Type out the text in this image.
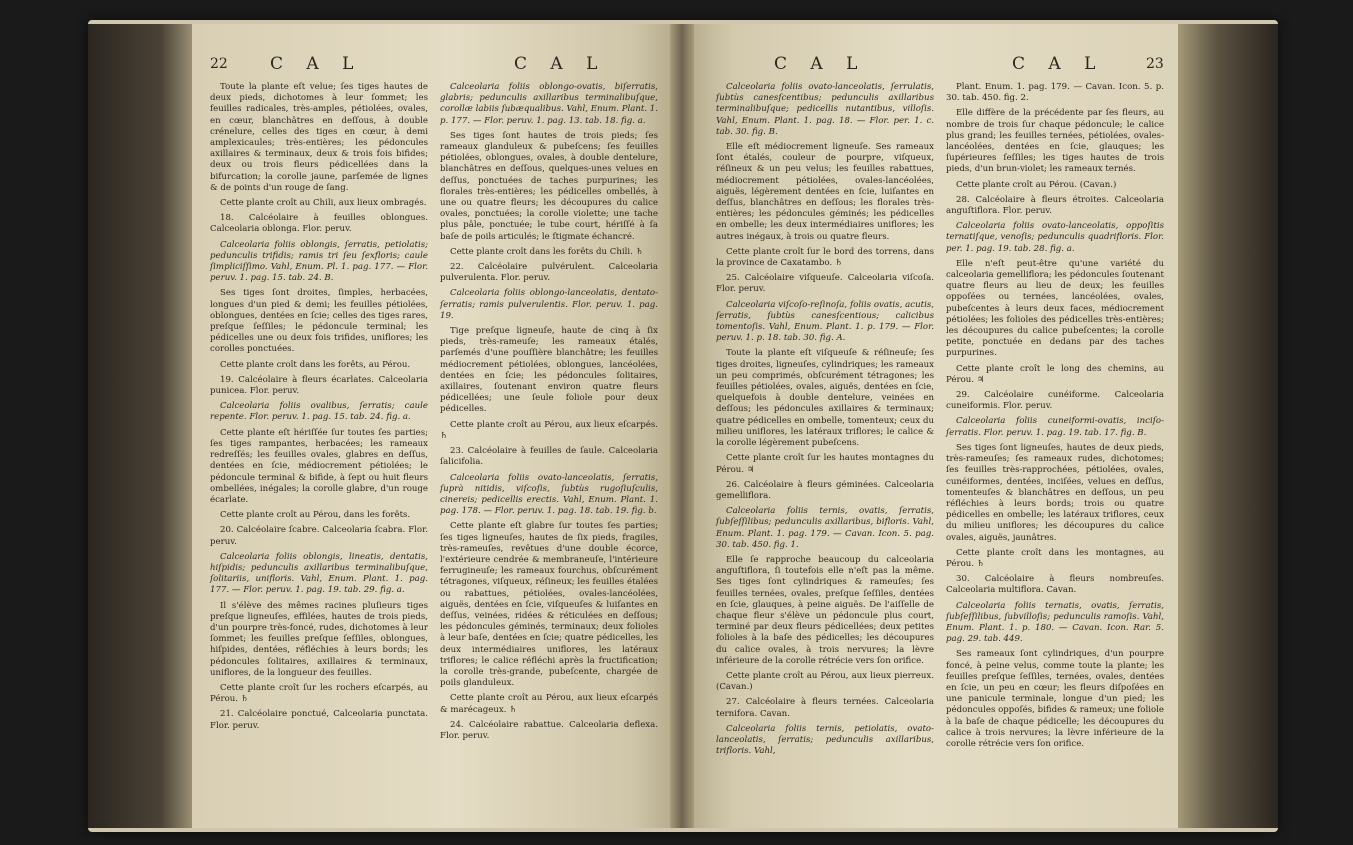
22 C A L	C A L

Toute la plante eſt velue; ſes tiges hautes de deux pieds, dichotomes à leur ſommet; les feuilles radicales, très-amples, pétiolées, ovales, en cœur, blanchâtres en deſſous, à double crénelure, celles des tiges en cœur, à demi amplexicaules; très-entières; les pédoncules axillaires & terminaux, deux & trois fois bifides; deux ou trois fleurs pédicellées dans la bifurcation; la corolle jaune, parſemée de lignes & de points d'un rouge de ſang.

Cette plante croît au Chili, aux lieux ombragés.

18. Calcéolaire à feuilles oblongues. Calceolaria oblonga. Flor. peruv.

Calceolaria foliis oblongis, ſerratis, petiolatis; pedunculis trifidis; ramis tri ſeu ſexfloris; caule ſimpliciſſimo. Vahl, Enum. Pl. 1. pag. 177. — Flor. peruv. 1. pag. 15. tab. 24. B.

Ses tiges ſont droites, ſimples, herbacées, longues d'un pied & demi; les feuilles pétiolées, oblongues, dentées en ſcie; celles des tiges rares, preſque ſeſſiles; le pédoncule terminal; les pédicelles une ou deux fois trifides, uniflores; les corolles ponctuées.

Cette plante croît dans les forêts, au Pérou.

19. Calcéolaire à fleurs écarlates. Calceolaria punicea. Flor. peruv.

Calceolaria foliis ovalibus, ſerratis; caule repente. Flor. peruv. 1. pag. 15. tab. 24. fig. a.

Cette plante eſt hériſſée ſur toutes ſes parties; ſes tiges rampantes, herbacées; les rameaux redreſſés; les feuilles ovales, glabres en deſſus, dentées en ſcie, médiocrement pétiolées; le pédoncule terminal & bifide, à ſept ou huit fleurs ombellées, inégales; la corolle glabre, d'un rouge écarlate.

Cette plante croît au Pérou, dans les forêts.

20. Calcéolaire ſcabre. Calceolaria ſcabra. Flor. peruv.

Calceolaria foliis oblongis, lineatis, dentatis, hiſpidis; pedunculis axillaribus terminalibuſque, ſolitariis, unifloris. Vahl, Enum. Plant. 1. pag. 177. — Flor. peruv. 1. pag. 19. tab. 29. fig. a.

Il s'élève des mêmes racines pluſieurs tiges preſque ligneuſes, effilées, hautes de trois pieds, d'un pourpre très-foncé, rudes, dichotomes à leur ſommet; les feuilles preſque ſeſſiles, oblongues, hiſpides, dentées, réfléchies à leurs bords; les pédoncules ſolitaires, axillaires & terminaux, uniflores, de la longueur des feuilles.

Cette plante croît ſur les rochers eſcarpés, au Pérou. ♄

21. Calcéolaire ponctué, Calceolaria punctata. Flor. peruv.

Calceolaria foliis oblongo-ovatis, biſerratis, glabris; pedunculis axillaribus terminalibuſque, corollæ labiis ſubæqualibus. Vahl, Enum. Plant. 1. p. 177. — Flor. peruv. 1. pag. 13. tab. 18. fig. a.

Ses tiges ſont hautes de trois pieds; ſes rameaux glanduleux & pubeſcens; ſes feuilles pétiolées, oblongues, ovales, à double dentelure, blanchâtres en deſſous, quelques-unes velues en deſſus, ponctuées de taches purpurines; les florales très-entières; les pédicelles ombellés, à une ou quatre fleurs; les découpures du calice ovales, ponctuées; la corolle violette; une tache plus pâle, ponctuée; le tube court, hériſſé à ſa baſe de poils articulés; le ſtigmate échancré.

Cette plante croît dans les forêts du Chili. ♄

22. Calcéolaire pulvérulent. Calceolaria pulverulenta. Flor. peruv.

Calceolaria foliis oblongo-lanceolatis, dentato-ſerratis; ramis pulverulentis. Flor. peruv. 1. pag. 19.

Tige preſque ligneuſe, haute de cinq à ſix pieds, très-rameuſe; les rameaux étalés, parſemés d'une pouſſière blanchâtre; les feuilles médiocrement pétiolées, oblongues, lancéolées, dentées en ſcie; les pédoncules ſolitaires, axillaires, ſoutenant environ quatre fleurs pédicellées; une ſeule foliole pour deux pédicelles.

Cette plante croît au Pérou, aux lieux eſcarpés. ♄

23. Calcéolaire à feuilles de ſaule. Calceolaria ſalicifolia.

Calceolaria foliis ovato-lanceolatis, ſerratis, ſuprà nitidis, viſcoſis, ſubtùs rugoſiuſculis, cinereis; pedicellis erectis. Vahl, Enum. Plant. 1. pag. 178. — Flor. peruv. 1. pag. 18. tab. 19. fig. b.

Cette plante eſt glabre ſur toutes ſes parties; ſes tiges ligneuſes, hautes de ſix pieds, fragiles, très-rameuſes, revêtues d'une double écorce, l'extérieure cendrée & membraneuſe, l'intérieure ferrugineuſe; les rameaux fourchus, obſcurément tétragones, viſqueux, réſineux; les feuilles étalées ou rabattues, pétiolées, ovales-lancéolées, aiguës, dentées en ſcie, viſqueuſes & luiſantes en deſſus, veinées, ridées & réticulées en deſſous; les pédoncules géminés, terminaux; deux folioles à leur baſe, dentées en ſcie; quatre pédicelles, les deux intermédiaires uniflores, les latéraux triflores; le calice réfléchi après la fructification; la corolle très-grande, pubeſcente, chargée de poils glanduleux.

Cette plante croît au Pérou, aux lieux eſcarpés & marécageux. ♄

24. Calcéolaire rabattue. Calceolaria deflexa. Flor. peruv.

C A L	C A L	23

Calceolaria foliis ovato-lanceolatis, ſerrulatis, ſubtùs canesſcentibus; pedunculis axillaribus terminalibuſque; pedicellis nutantibus, villoſis. Vahl, Enum. Plant. 1. pag. 18. — Flor. per. 1. c. tab. 30. fig. B.

Elle eſt médiocrement ligneuſe. Ses rameaux ſont étalés, couleur de pourpre, viſqueux, réſineux & un peu velus; les feuilles rabattues, médiocrement pétiolées, ovales-lancéolées, aiguës, légèrement dentées en ſcie, luiſantes en deſſus, blanchâtres en deſſous; les florales très-entières; les pédoncules géminés; les pédicelles en ombelle; les deux intermédiaires uniflores; les autres inégaux, à trois ou quatre fleurs.

Cette plante croît ſur le bord des torrens, dans la province de Caxatambo. ♄

25. Calcéolaire viſqueuſe. Calceolaria viſcoſa. Flor. peruv.

Calceolaria viſcoſo-reſinoſa, foliis ovatis, acutis, ſerratis, ſubtùs canesſcentious; calicibus tomentoſis. Vahl, Enum. Plant. 1. p. 179. — Flor. peruv. 1. p. 18. tab. 30. fig. A.

Toute la plante eſt viſqueuſe & réſineuſe; ſes tiges droites, ligneuſes, cylindriques; les rameaux un peu comprimés, obſcurément tétragones; les feuilles pétiolées, ovales, aiguës, dentées en ſcie, quelquefois à double dentelure, veinées en deſſous; les pédoncules axillaires & terminaux; quatre pédicelles en ombelle, tomenteux; ceux du milieu uniflores, les latéraux triflores; le calice & la corolle légèrement pubeſcens.

Cette plante croît ſur les hautes montagnes du Pérou. ♃

26. Calcéolaire à fleurs géminées. Calceolaria gemelliflora.

Calceolaria foliis ternis, ovatis, ſerratis, ſubſeſſilibus; pedunculis axillaribus, bifloris. Vahl, Enum. Plant. 1. pag. 179. — Cavan. Icon. 5. pag. 30. tab. 450. fig. 1.

Elle ſe rapproche beaucoup du calceolaria anguſtiflora, ſi toutefois elle n'eſt pas la même. Ses tiges ſont cylindriques & rameuſes; ſes feuilles ternées, ovales, preſque ſeſſiles, dentées en ſcie, glauques, à peine aiguës. De l'aiſſelle de chaque fleur s'élève un pédoncule plus court, terminé par deux fleurs pédicellées; deux petites folioles à la baſe des pédicelles; les découpures du calice ovales, à trois nervures; la lèvre inférieure de la corolle rétrécie vers ſon orifice.

Cette plante croît au Pérou, aux lieux pierreux. (Cavan.)

27. Calcéolaire à fleurs ternées. Calceolaria ternifora. Cavan.

Calceolaria foliis ternis, petiolatis, ovato-lanceolatis, ſerratis; pedunculis axillaribus, trifloris. Vahl,

Plant. Enum. 1. pag. 179. — Cavan. Icon. 5. p. 30. tab. 450. fig. 2.

Elle diffère de la précédente par ſes fleurs, au nombre de trois ſur chaque pédoncule; le calice plus grand; les feuilles ternées, pétiolées, ovales-lancéolées, dentées en ſcie, glauques; les ſupérieures ſeſſiles; les tiges hautes de trois pieds, d'un brun-violet; les rameaux ternés.

Cette plante croît au Pérou. (Cavan.)

28. Calcéolaire à fleurs étroites. Calceolaria anguſtiflora. Flor. peruv.

Calceolaria foliis ovato-lanceolatis, oppoſitis ternatiſque, venoſis; pedunculis quadrifloris. Flor. per. 1. pag. 19. tab. 28. fig. a.

Elle n'eſt peut-être qu'une variété du calceolaria gemelliflora; les pédoncules ſoutenant quatre fleurs au lieu de deux; les feuilles oppoſées ou ternées, lancéolées, ovales, pubeſcentes à leurs deux faces, médiocrement pétiolées; les folioles des pédicelles très-entières; les découpures du calice pubeſcentes; la corolle petite, ponctuée en dedans par des taches purpurines.

Cette plante croît le long des chemins, au Pérou. ♃

29. Calcéolaire cunéiforme. Calceolaria cuneiformis. Flor. peruv.

Calceolaria foliis cuneiformi-ovatis, inciſo-ſerratis. Flor. peruv. 1. pag. 19. tab. 17. fig. B.

Ses tiges ſont ligneuſes, hautes de deux pieds, très-rameuſes; ſes rameaux rudes, dichotomes; ſes feuilles très-rapprochées, pétiolées, ovales, cunéiformes, dentées, inciſées, velues en deſſus, tomenteuſes & blanchâtres en deſſous, un peu réfléchies à leurs bords; trois ou quatre pédicelles en ombelle; les latéraux triflores, ceux du milieu uniflores; les découpures du calice ovales, aiguës, jaunâtres.

Cette plante croît dans les montagnes, au Pérou. ♄

30. Calcéolaire à fleurs nombreuſes. Calceolaria multiflora. Cavan.

Calceolaria foliis ternatis, ovatis, ſerratis, ſubſeſſilibus, ſubvilloſis; pedunculis ramoſis. Vahl, Enum. Plant. 1. p. 180. — Cavan. Icon. Rar. 5. pag. 29. tab. 449.

Ses rameaux ſont cylindriques, d'un pourpre foncé, à peine velus, comme toute la plante; les feuilles preſque ſeſſiles, ternées, ovales, dentées en ſcie, un peu en cœur; les fleurs diſpoſées en une panicule terminale, longue d'un pied; les pédoncules oppoſés, bifides & rameux; une foliole à la baſe de chaque pédicelle; les découpures du calice à trois nervures; la lèvre inférieure de la corolle rétrécie vers ſon orifice.
